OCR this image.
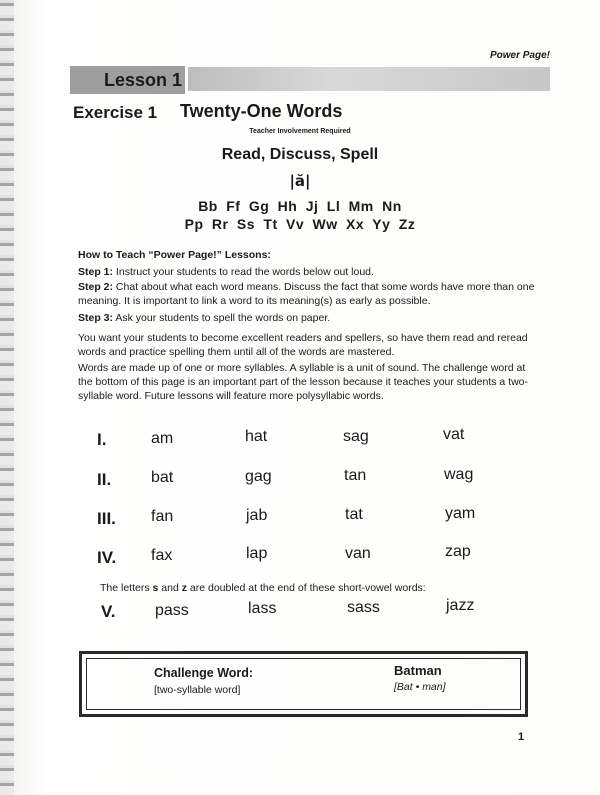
Power Page!
Lesson 1
Exercise 1 Twenty-One Words
Teacher Involvement Required
Read, Discuss, Spell
|ă|
Bb Ff Gg Hh Jj Ll Mm Nn
Pp Rr Ss Tt Vv Ww Xx Yy Zz
How to Teach “Power Page!” Lessons:
Step 1: Instruct your students to read the words below out loud.
Step 2: Chat about what each word means. Discuss the fact that some words have more than one meaning. It is important to link a word to its meaning(s) as early as possible.
Step 3: Ask your students to spell the words on paper.
You want your students to become excellent readers and spellers, so have them read and reread words and practice spelling them until all of the words are mastered.
Words are made up of one or more syllables. A syllable is a unit of sound. The challenge word at the bottom of this page is an important part of the lesson because it teaches your students a two-syllable word. Future lessons will feature more polysyllabic words.
I.	am	hat	sag	vat
II. bat	gag	tan	wag
III. fan	jab	tat	yam
IV. fax	lap	van	zap
The letters s and z are doubled at the end of these short-vowel words:
V. pass	lass	sass	jazz
Challenge Word:
[two-syllable word]
Batman
[Bat • man]
1
